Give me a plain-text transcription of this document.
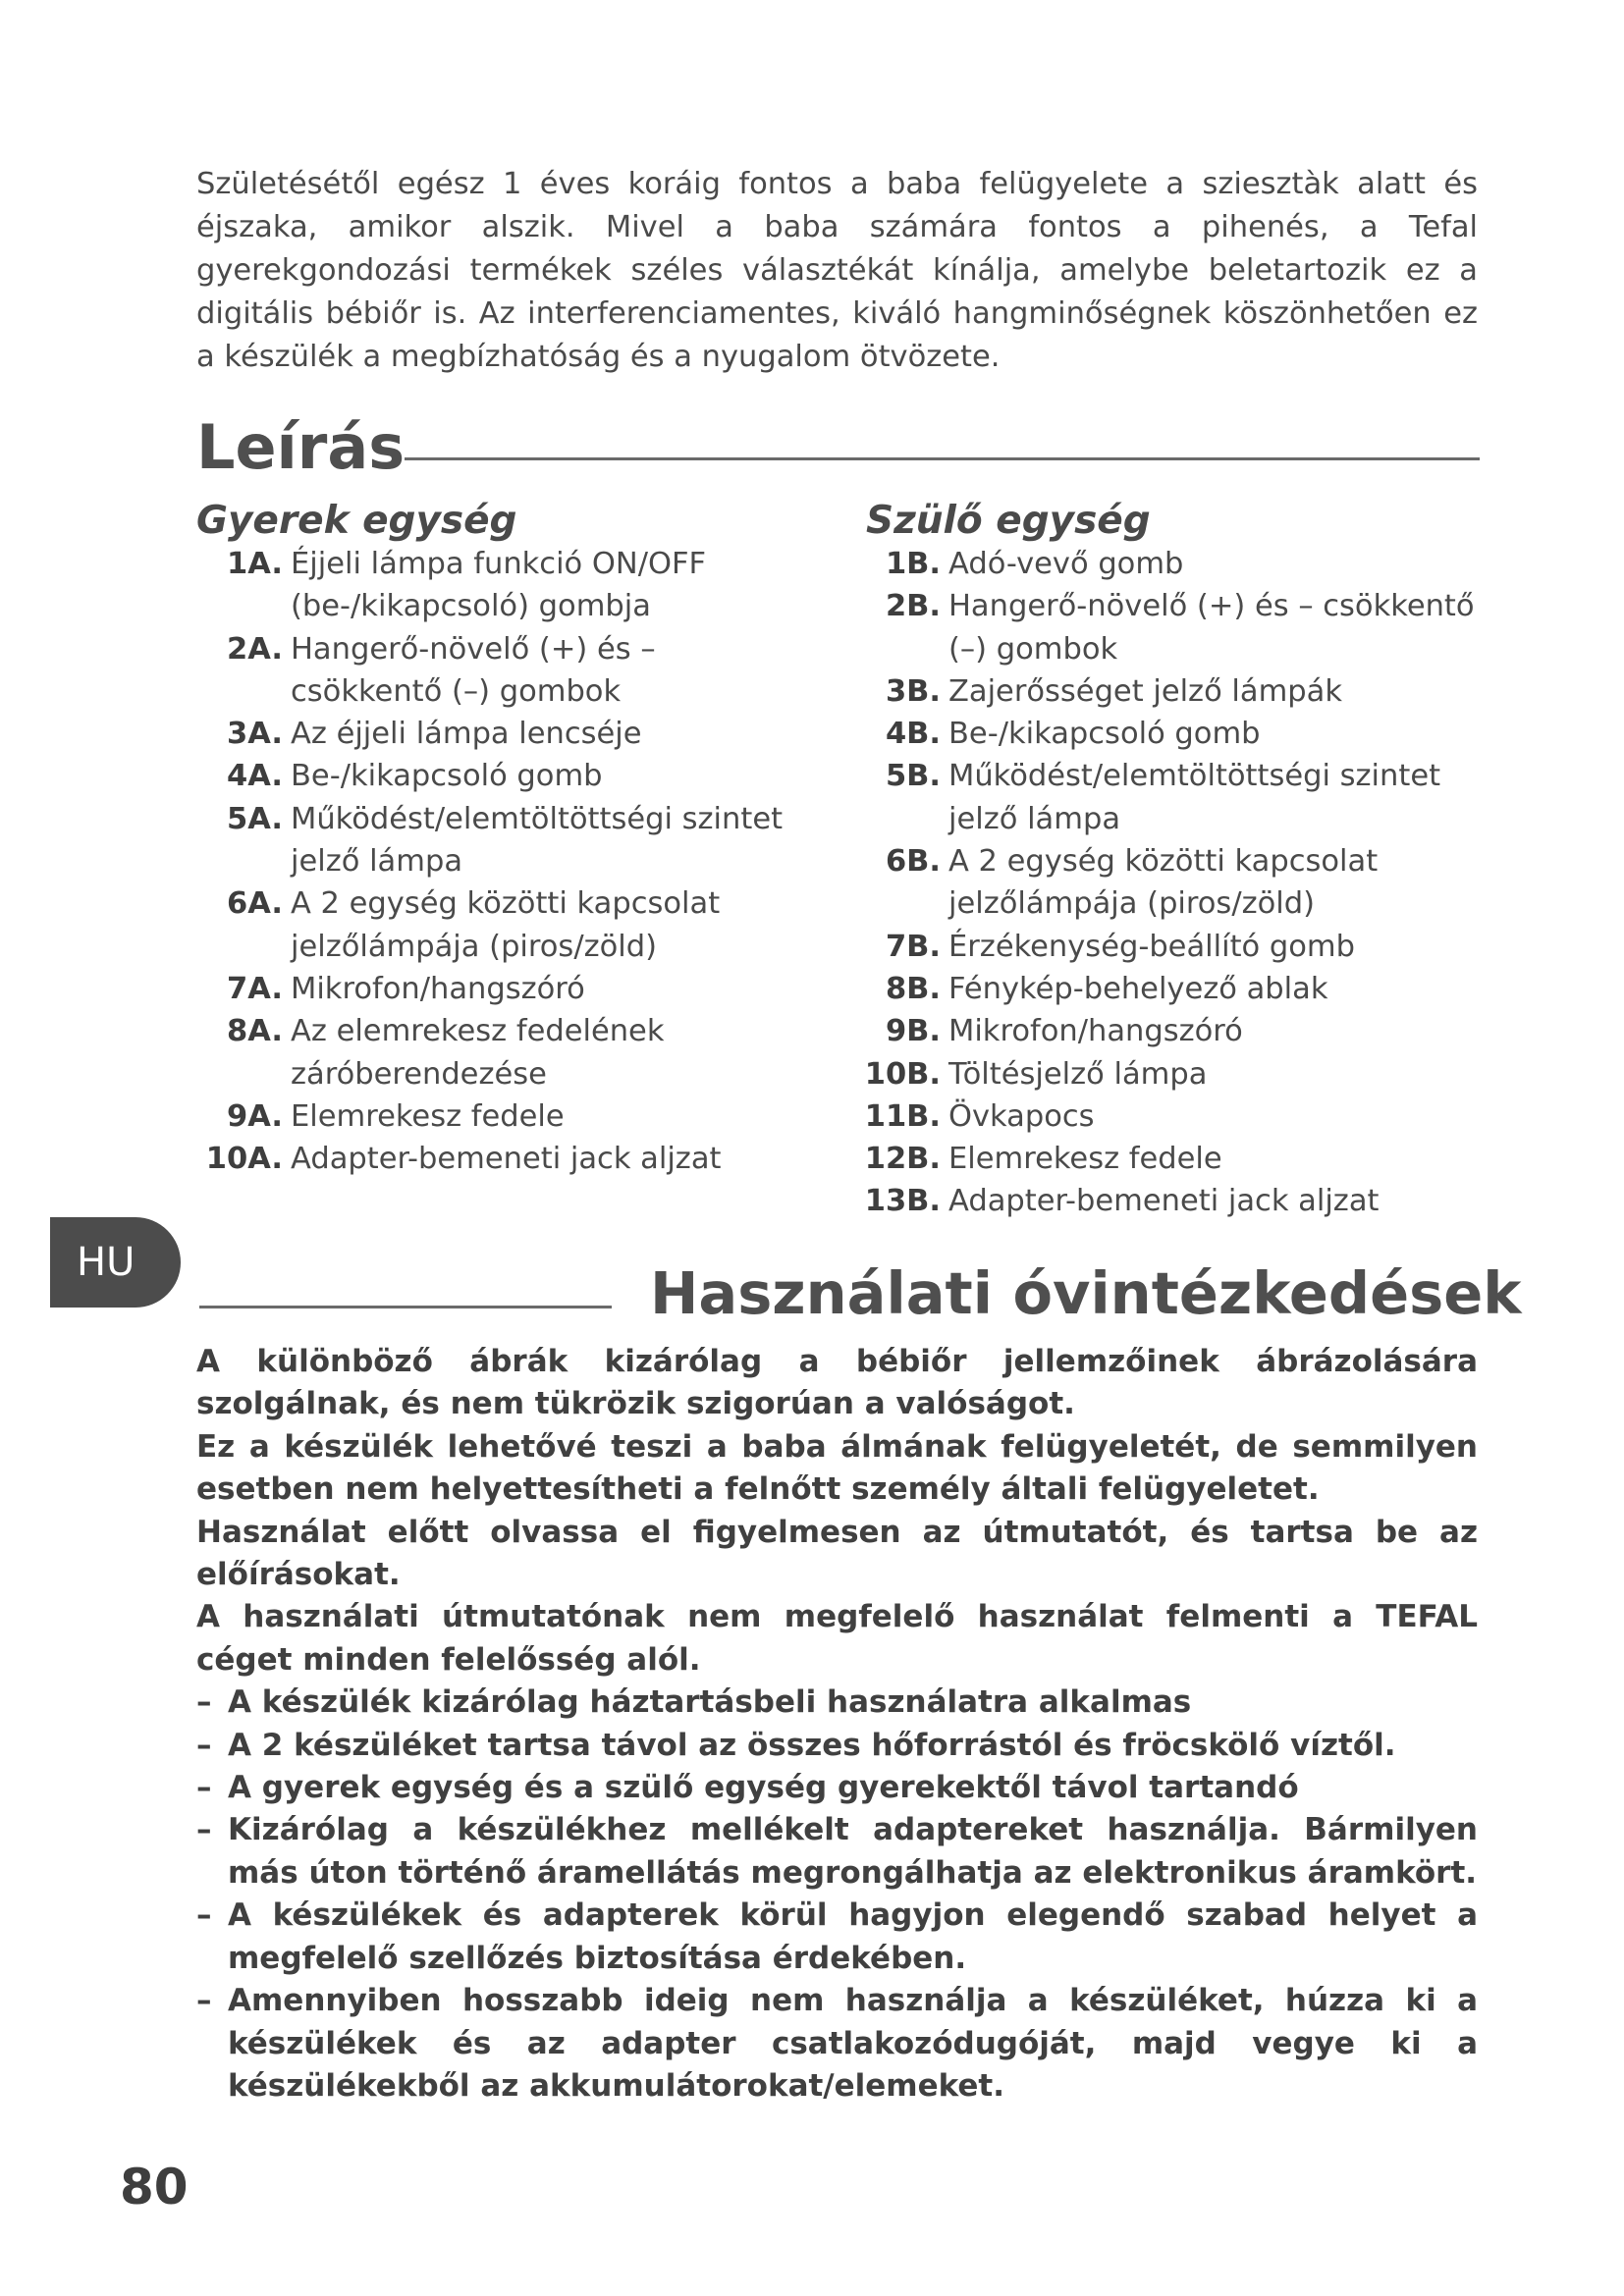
Születésétől egész 1 éves koráig fontos a baba felügyelete a sziesztàk alatt és éjszaka, amikor alszik. Mivel a baba számára fontos a pihenés, a Tefal gyerekgondozási termékek széles választékát kínálja, amelybe beletartozik ez a digitális bébiőr is. Az interferenciamentes, kiváló hangminőségnek köszönhetően ez a készülék a megbízhatóság és a nyugalom ötvözete.

Leírás
Gyerek egység
1A. Éjjeli lámpa funkció ON/OFF (be-/kikapcsoló) gombja
2A. Hangerő-növelő (+) és – csökkentő (–) gombok
3A. Az éjjeli lámpa lencséje
4A. Be-/kikapcsoló gomb
5A. Működést/elemtöltöttségi szintet jelző lámpa
6A. A 2 egység közötti kapcsolat jelzőlámpája (piros/zöld)
7A. Mikrofon/hangszóró
8A. Az elemrekesz fedelének záróberendezése
9A. Elemrekesz fedele
10A. Adapter-bemeneti jack aljzat
Szülő egység
1B. Adó-vevő gomb
2B. Hangerő-növelő (+) és – csökkentő (–) gombok
3B. Zajerősséget jelző lámpák
4B. Be-/kikapcsoló gomb
5B. Működést/elemtöltöttségi szintet jelző lámpa
6B. A 2 egység közötti kapcsolat jelzőlámpája (piros/zöld)
7B. Érzékenység-beállító gomb
8B. Fénykép-behelyező ablak
9B. Mikrofon/hangszóró
10B. Töltésjelző lámpa
11B. Övkapocs
12B. Elemrekesz fedele
13B. Adapter-bemeneti jack aljzat
HU	Használati óvintézkedések

A különböző ábrák kizárólag a bébiőr jellemzőinek ábrázolására szolgálnak, és nem tükrözik szigorúan a valóságot.

Ez a készülék lehetővé teszi a baba álmának felügyeletét, de semmilyen esetben nem helyettesítheti a felnőtt személy általi felügyeletet.

Használat előtt olvassa el figyelmesen az útmutatót, és tartsa be az előírásokat.

A használati útmutatónak nem megfelelő használat felmenti a TEFAL céget minden felelősség alól.

– A készülék kizárólag háztartásbeli használatra alkalmas
– A 2 készüléket tartsa távol az összes hőforrástól és fröcskölő víztől.
– A gyerek egység és a szülő egység gyerekektől távol tartandó
– Kizárólag a készülékhez mellékelt adaptereket használja. Bármilyen más úton történő áramellátás megrongálhatja az elektronikus áramkört.
– A készülékek és adapterek körül hagyjon elegendő szabad helyet a megfelelő szellőzés biztosítása érdekében.
– Amennyiben hosszabb ideig nem használja a készüléket, húzza ki a készülékek és az adapter csatlakozódugóját, majd vegye ki a készülékekből az akkumulátorokat/elemeket.
80
